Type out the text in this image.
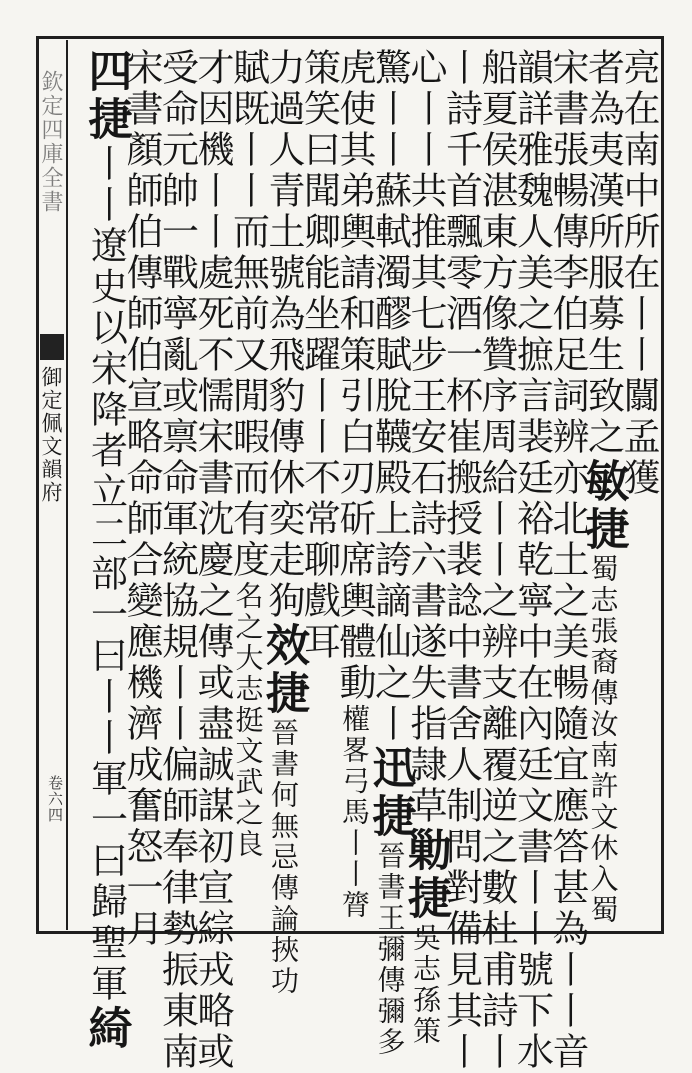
欽定四庫全書
御定佩文韻府
卷六四
亮在南中所在丨丨闒孟獲
者為夷漢所服募生致之敏捷蜀志張裔傳汝南許文休入蜀
宋書張暢傳李伯足詞辨亦北土之美暢隨宜應答甚為丨丨音
韻詳雅魏人美之摭言裴廷裕乾寧中在內廷文書丨丨號下水
船夏侯湛東方像贊序周給丨丨之辨支離覆逆之數杜甫詩丨
丨詩千首飄零酒一杯崔搬授裴諗中書舍人制問對備見其丨
心丨丨共推其七步王安石詩六書遂失指隷草勦捷吳志孫策
驚丨丨蘇軾濁醪賦脫韈殿上誇謫仙之丨迅捷晉書王彌傳彌多
虎使其弟輿請和策引白刃斫席輿體動權畧弓馬丨丨膂
策笑曰聞卿能坐躍丨丨不常聊戲耳
力過人青土號為飛豹傳休奕走狗效捷晉書何無忌傳論挾功
賦既丨丨而無前又閒暇而有度名之大志挺文武之良
才因機丨丨處死不懦宋書沈慶之傳或盡誠謀初宣綜戎略或
受命元帥一戰寧亂或禀命軍統協規丨丨偏師奉律勢振東南
宋書顏師伯傳師伯宣略命師合變應機濟成奮怒一月
四捷丨丨遼史以宋降者立二部一曰丨丨軍一曰歸聖軍綺
